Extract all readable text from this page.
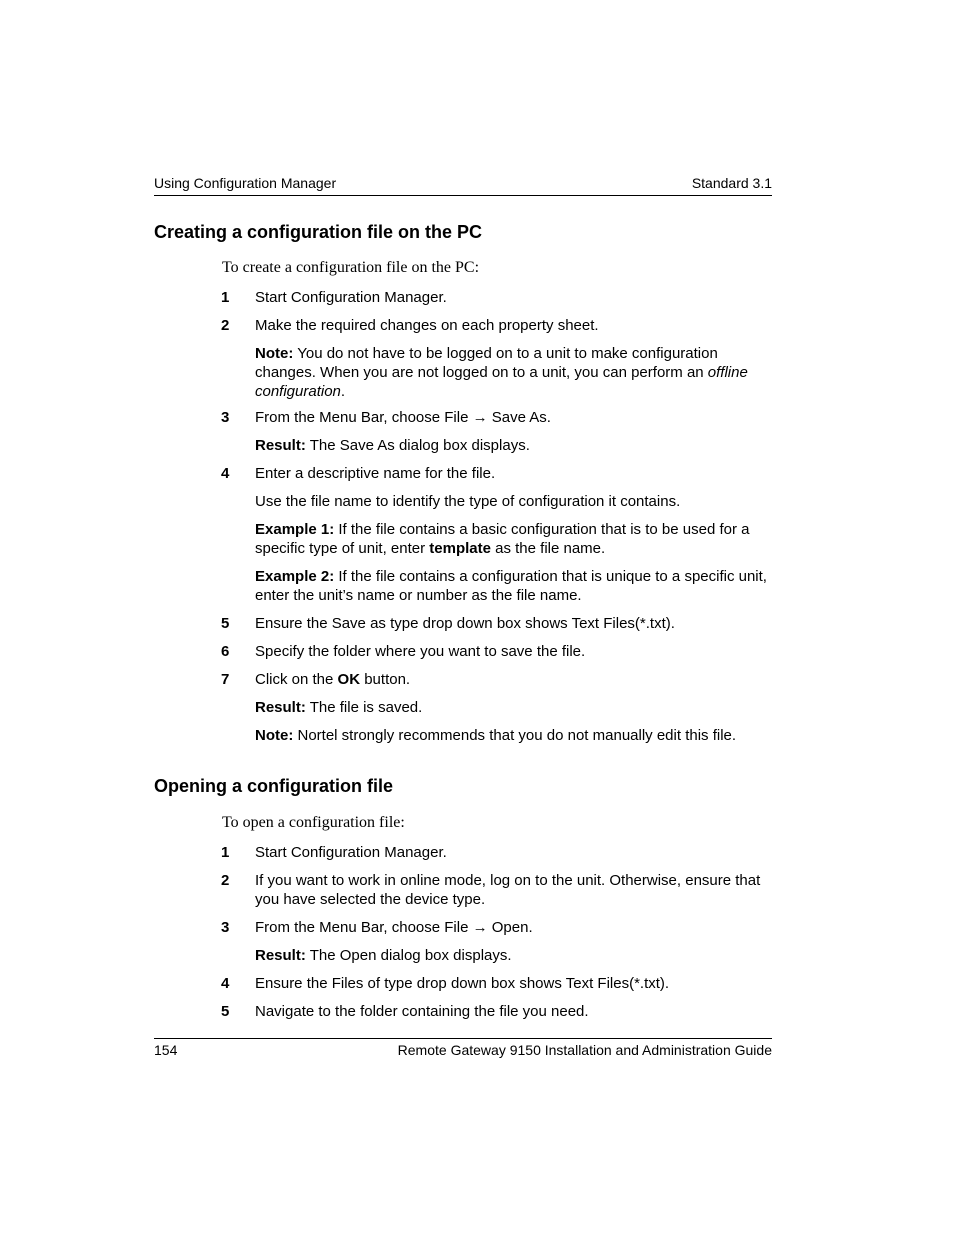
Using Configuration Manager	Standard 3.1
Creating a configuration file on the PC
To create a configuration file on the PC:
1 Start Configuration Manager.
2 Make the required changes on each property sheet.
Note: You do not have to be logged on to a unit to make configuration changes. When you are not logged on to a unit, you can perform an offline configuration.
3 From the Menu Bar, choose File → Save As.
Result: The Save As dialog box displays.
4 Enter a descriptive name for the file.
Use the file name to identify the type of configuration it contains.
Example 1: If the file contains a basic configuration that is to be used for a specific type of unit, enter template as the file name.
Example 2: If the file contains a configuration that is unique to a specific unit, enter the unit’s name or number as the file name.
5 Ensure the Save as type drop down box shows Text Files(*.txt).
6 Specify the folder where you want to save the file.
7 Click on the OK button.
Result: The file is saved.
Note: Nortel strongly recommends that you do not manually edit this file.
Opening a configuration file
To open a configuration file:
1 Start Configuration Manager.
2 If you want to work in online mode, log on to the unit. Otherwise, ensure that you have selected the device type.
3 From the Menu Bar, choose File → Open.
Result: The Open dialog box displays.
4 Ensure the Files of type drop down box shows Text Files(*.txt).
5 Navigate to the folder containing the file you need.
154	Remote Gateway 9150 Installation and Administration Guide
